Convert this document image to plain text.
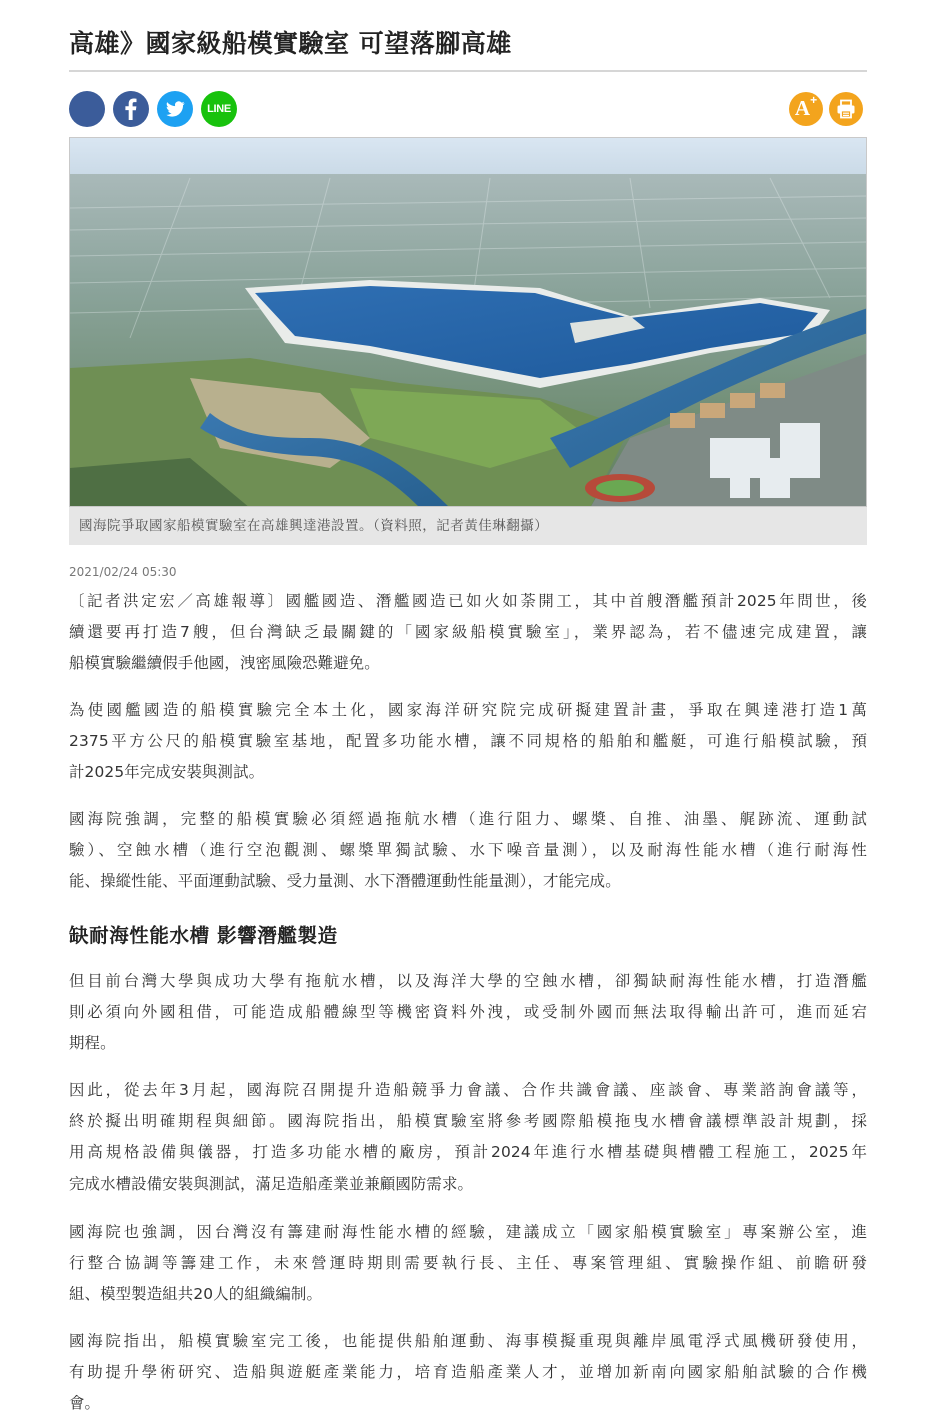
高雄》國家級船模實驗室 可望落腳高雄
LINE	A+
國海院爭取國家船模實驗室在高雄興達港設置。（資料照，記者黃佳琳翻攝）
2021/02/24 05:30

〔記者洪定宏／高雄報導〕國艦國造、潛艦國造已如火如荼開工，其中首艘潛艦預計2025年問世，後
續還要再打造7艘，但台灣缺乏最關鍵的「國家級船模實驗室」，業界認為，若不儘速完成建置，讓
船模實驗繼續假手他國，洩密風險恐難避免。

為使國艦國造的船模實驗完全本土化，國家海洋研究院完成研擬建置計畫，爭取在興達港打造1萬
2375平方公尺的船模實驗室基地，配置多功能水槽，讓不同規格的船舶和艦艇，可進行船模試驗，預
計2025年完成安裝與測試。

國海院強調，完整的船模實驗必須經過拖航水槽（進行阻力、螺槳、自推、油墨、艉跡流、運動試
驗）、空蝕水槽（進行空泡觀測、螺槳單獨試驗、水下噪音量測），以及耐海性能水槽（進行耐海性
能、操縱性能、平面運動試驗、受力量測、水下潛體運動性能量測），才能完成。

缺耐海性能水槽 影響潛艦製造

但目前台灣大學與成功大學有拖航水槽，以及海洋大學的空蝕水槽，卻獨缺耐海性能水槽，打造潛艦
則必須向外國租借，可能造成船體線型等機密資料外洩，或受制外國而無法取得輸出許可，進而延宕
期程。

因此，從去年3月起，國海院召開提升造船競爭力會議、合作共識會議、座談會、專業諮詢會議等，
終於擬出明確期程與細節。國海院指出，船模實驗室將參考國際船模拖曳水槽會議標準設計規劃，採
用高規格設備與儀器，打造多功能水槽的廠房，預計2024年進行水槽基礎與槽體工程施工，2025年
完成水槽設備安裝與測試，滿足造船產業並兼顧國防需求。

國海院也強調，因台灣沒有籌建耐海性能水槽的經驗，建議成立「國家船模實驗室」專案辦公室，進
行整合協調等籌建工作，未來營運時期則需要執行長、主任、專案管理組、實驗操作組、前瞻研發
組、模型製造組共20人的組織編制。

國海院指出，船模實驗室完工後，也能提供船舶運動、海事模擬重現與離岸風電浮式風機研發使用，
有助提升學術研究、造船與遊艇產業能力，培育造船產業人才，並增加新南向國家船舶試驗的合作機
會。
